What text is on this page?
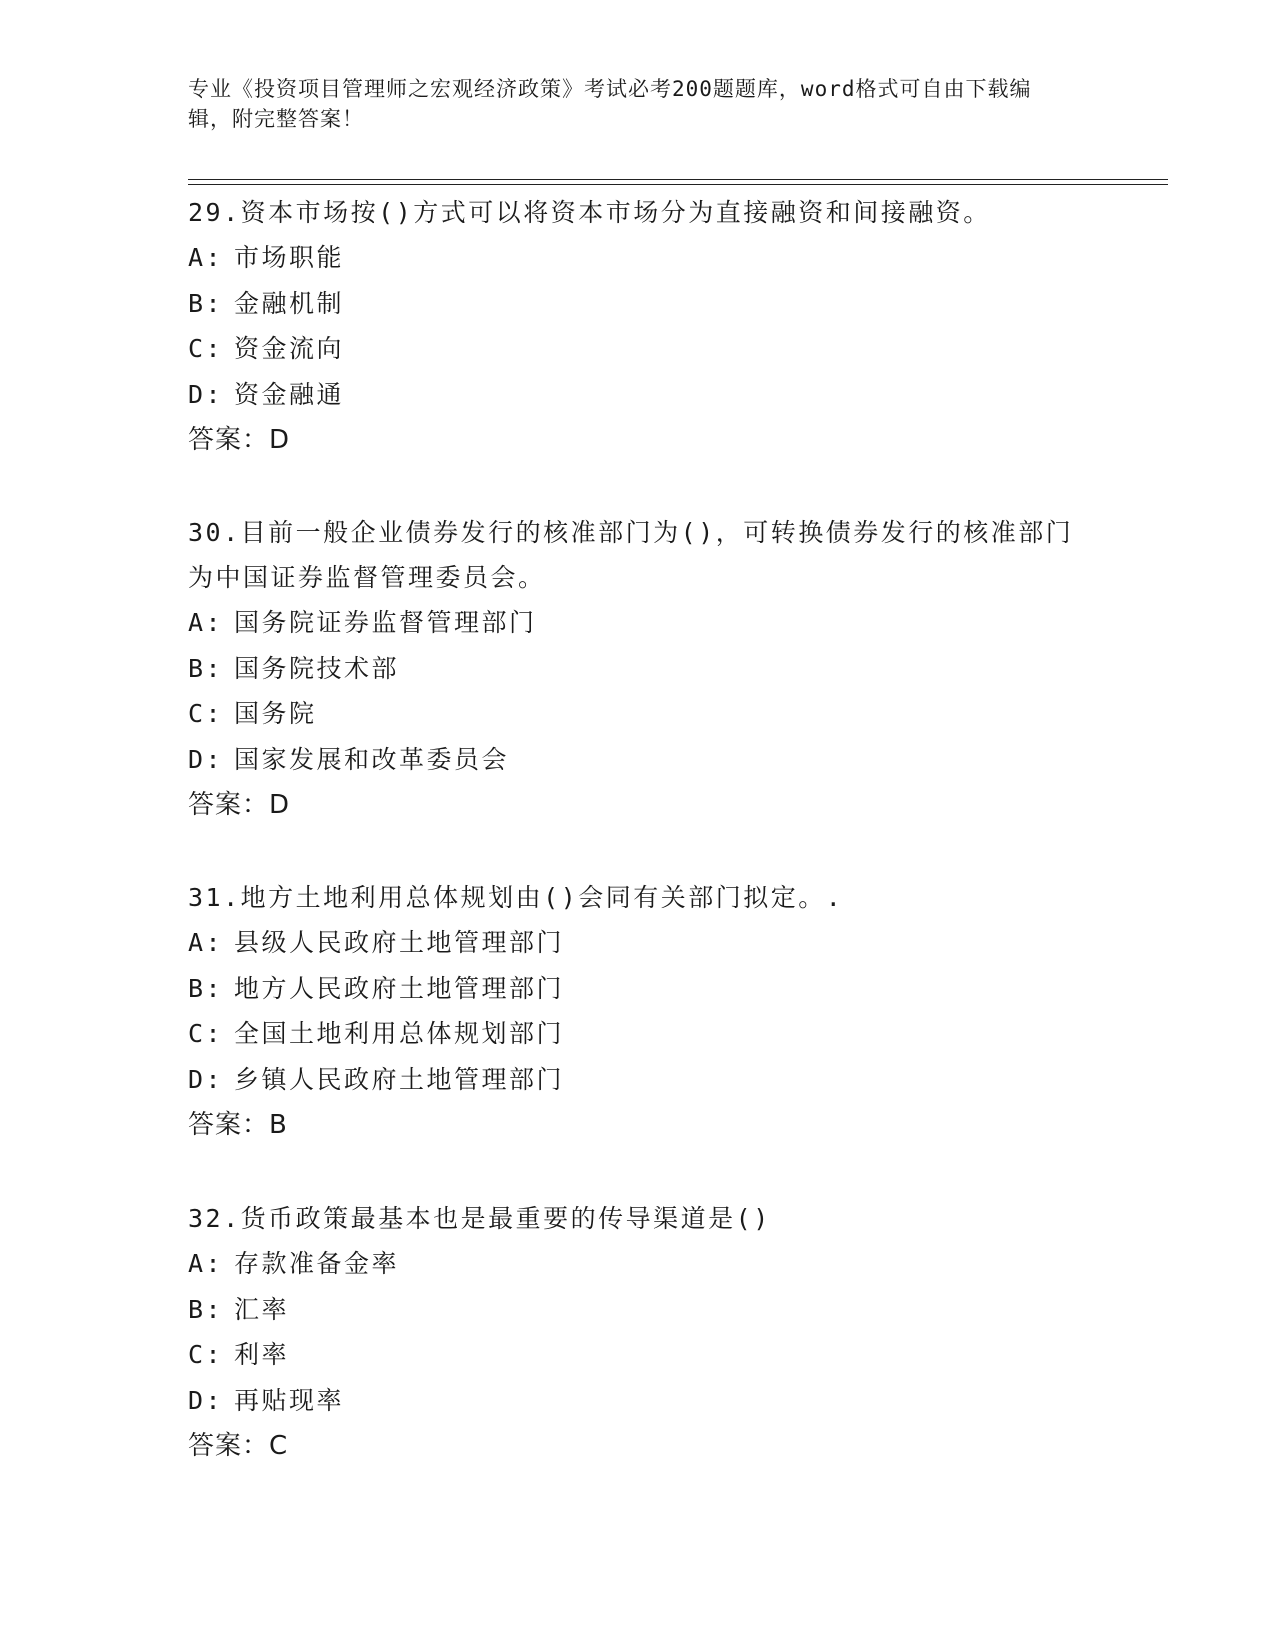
专业《投资项目管理师之宏观经济政策》考试必考200题题库，word格式可自由下载编辑，附完整答案！
29.资本市场按()方式可以将资本市场分为直接融资和间接融资。
A: 市场职能
B: 金融机制
C: 资金流向
D: 资金融通
答案：D
30.目前一般企业债券发行的核准部门为()，可转换债券发行的核准部门为中国证券监督管理委员会。
A: 国务院证券监督管理部门
B: 国务院技术部
C: 国务院
D: 国家发展和改革委员会
答案：D
31.地方土地利用总体规划由()会同有关部门拟定。.
A: 县级人民政府土地管理部门
B: 地方人民政府土地管理部门
C: 全国土地利用总体规划部门
D: 乡镇人民政府土地管理部门
答案：B
32.货币政策最基本也是最重要的传导渠道是()
A: 存款准备金率
B: 汇率
C: 利率
D: 再贴现率
答案：C
